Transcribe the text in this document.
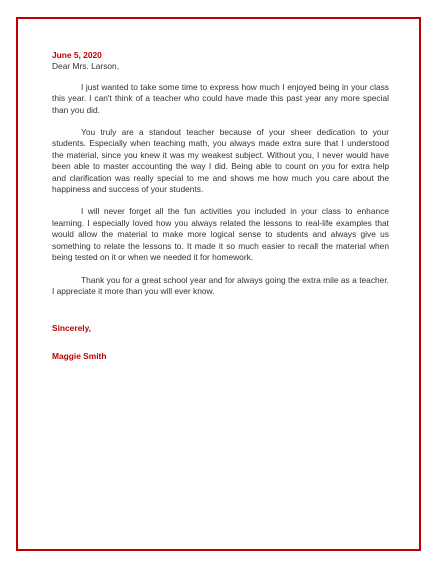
June 5, 2020

Dear Mrs. Larson,

I just wanted to take some time to express how much I enjoyed being in your class this year. I can't think of a teacher who could have made this past year any more special than you did.

You truly are a standout teacher because of your sheer dedication to your students. Especially when teaching math, you always made extra sure that I understood the material, since you knew it was my weakest subject. Without you, I never would have been able to master accounting the way I did. Being able to count on you for extra help and clarification was really special to me and shows me how much you care about the happiness and success of your students.

I will never forget all the fun activities you included in your class to enhance learning. I especially loved how you always related the lessons to real-life examples that would allow the material to make more logical sense to students and always give us something to relate the lessons to. It made it so much easier to recall the material when being tested on it or when we needed it for homework.

Thank you for a great school year and for always going the extra mile as a teacher. I appreciate it more than you will ever know.

Sincerely,

Maggie Smith
